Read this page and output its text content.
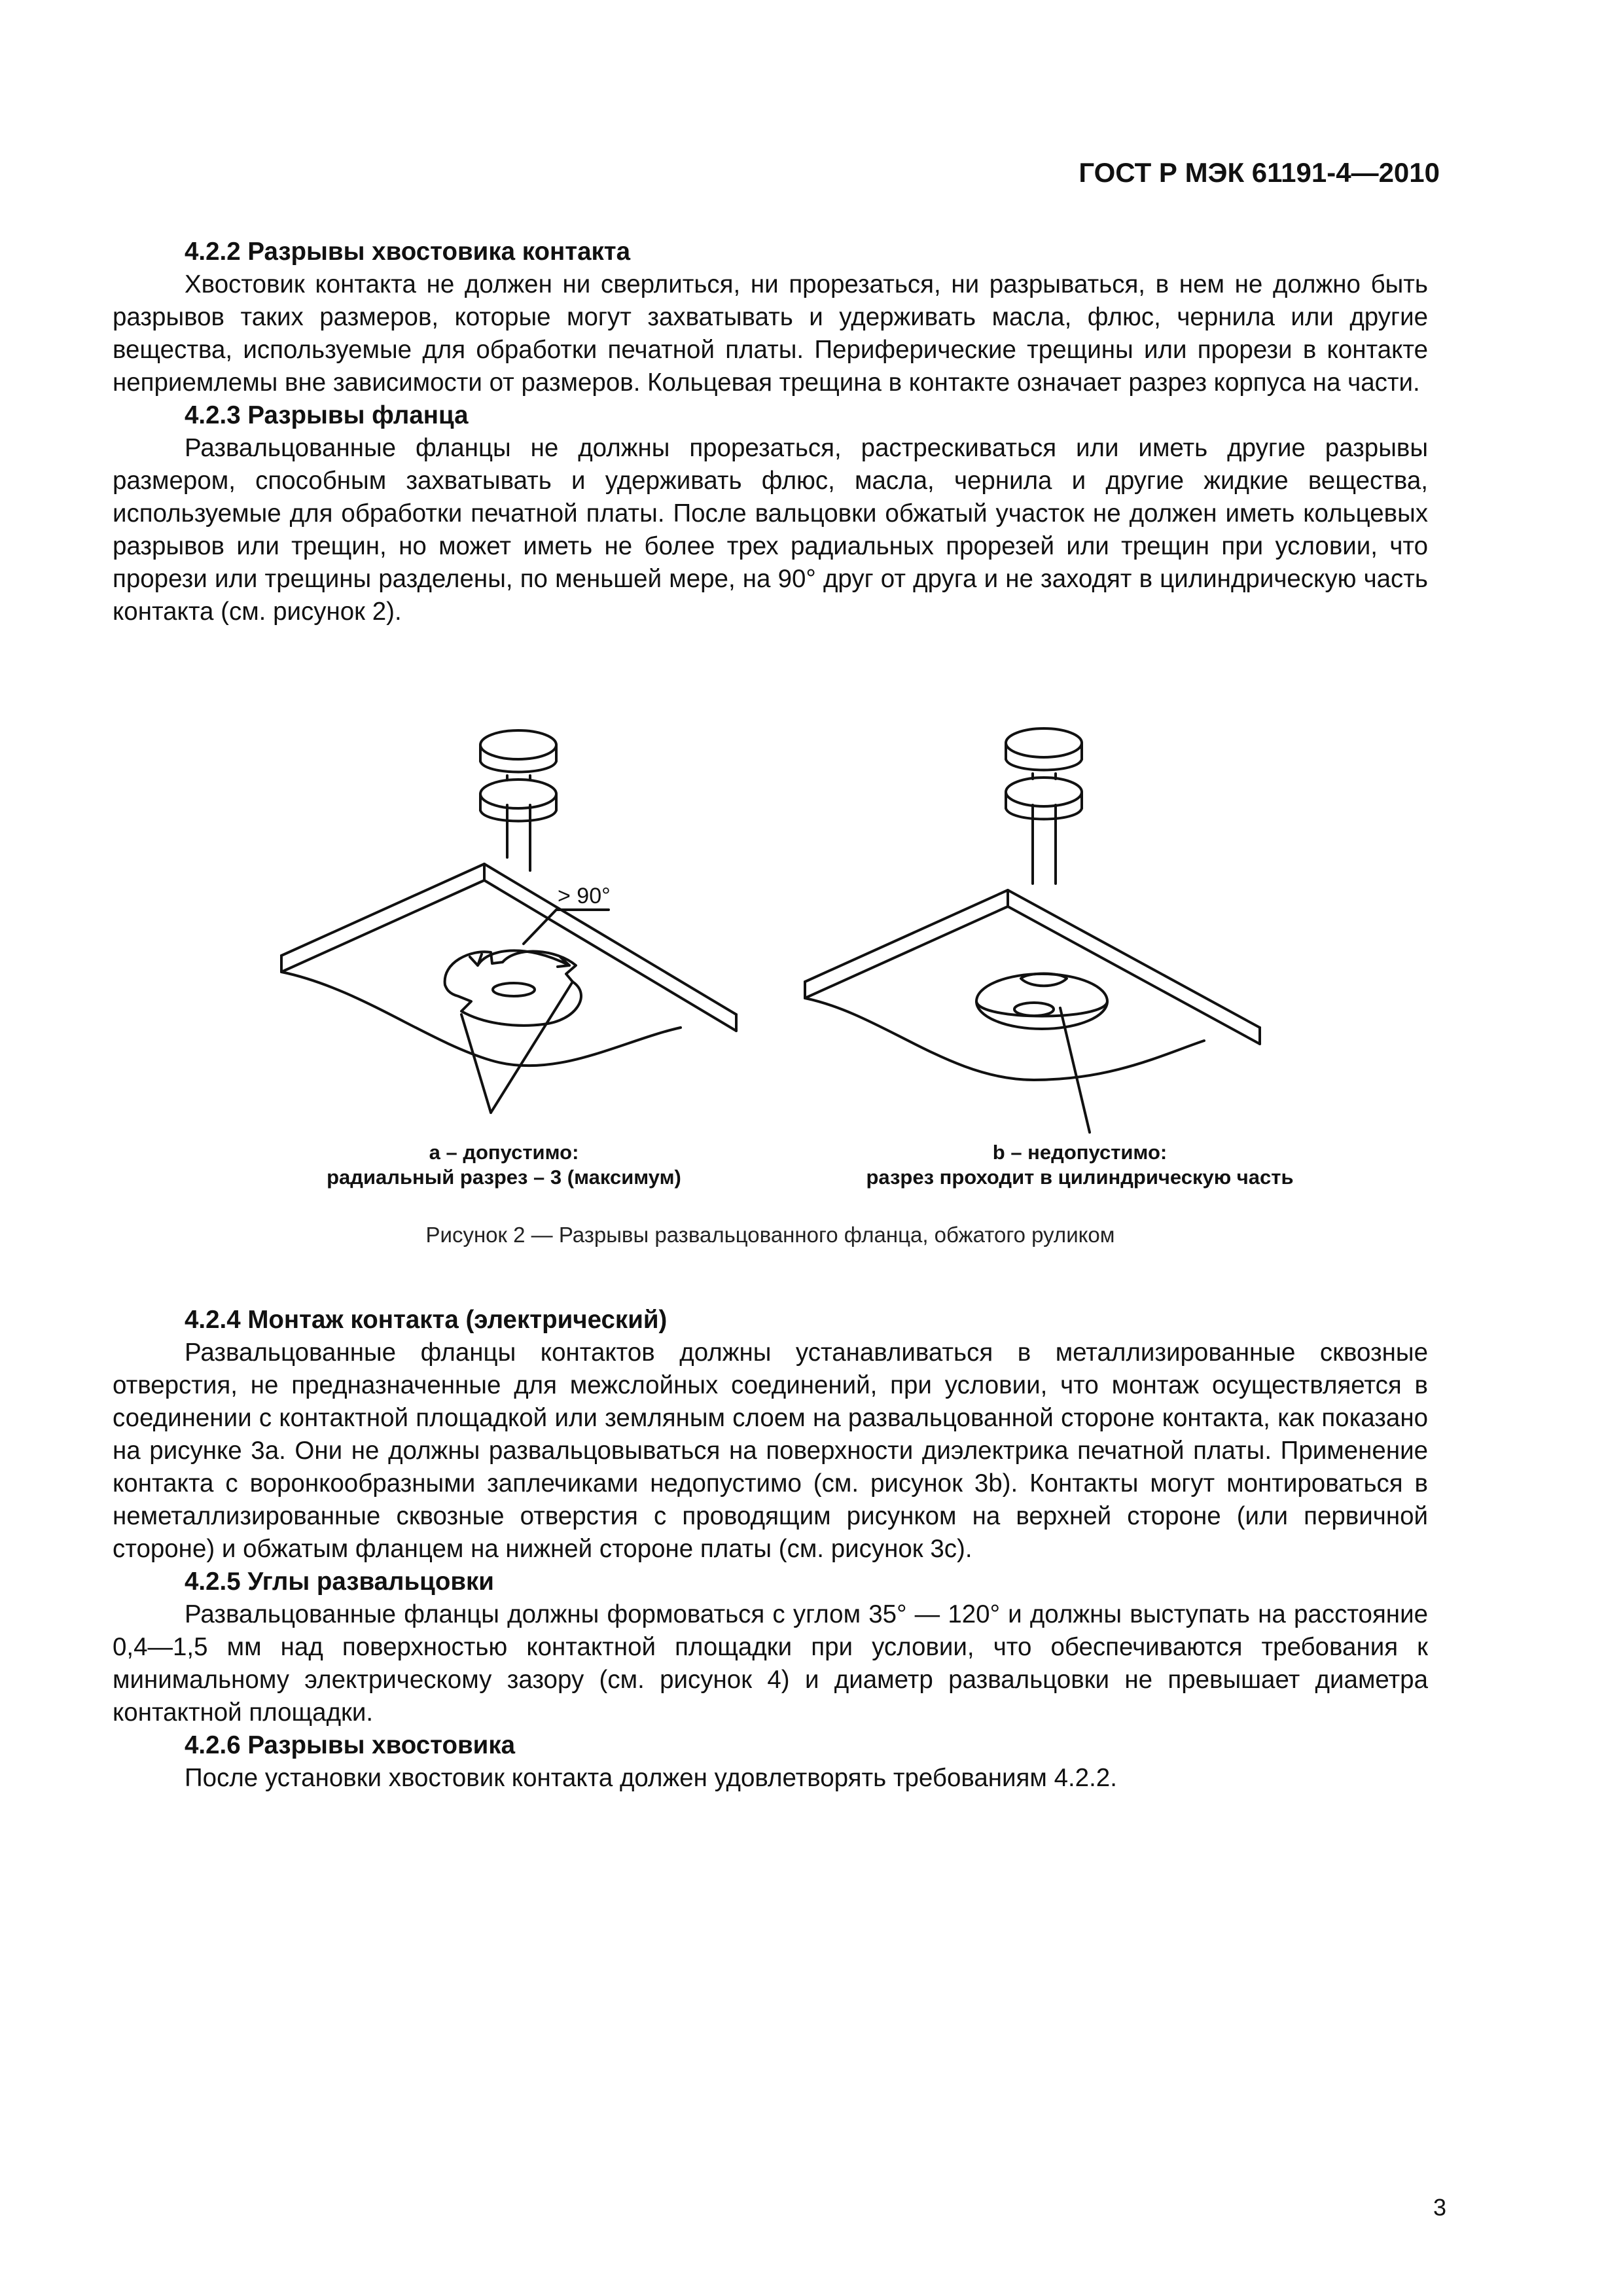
ГОСТ Р МЭК 61191-4—2010
4.2.2 Разрывы хвостовика контакта

Хвостовик контакта не должен ни сверлиться, ни прорезаться, ни разрываться, в нем не должно быть разрывов таких размеров, которые могут захватывать и удерживать масла, флюс, чернила или другие вещества, используемые для обработки печатной платы. Периферические трещины или прорези в контакте неприемлемы вне зависимости от размеров. Кольцевая трещина в контакте означает разрез корпуса на части.

4.2.3 Разрывы фланца

Развальцованные фланцы не должны прорезаться, растрескиваться или иметь другие разрывы размером, способным захватывать и удерживать флюс, масла, чернила и другие жидкие вещества, используемые для обработки печатной платы. После вальцовки обжатый участок не должен иметь кольцевых разрывов или трещин, но может иметь не более трех радиальных прорезей или трещин при условии, что прорези или трещины разделены, по меньшей мере, на 90° друг от друга и не заходят в цилиндрическую часть контакта (см. рисунок 2).

> 90°
a – допустимо:
радиальный разрез – 3 (максимум)
b – недопустимо:
разрез проходит в цилиндрическую часть
Рисунок 2 — Разрывы развальцованного фланца, обжатого руликом
4.2.4 Монтаж контакта (электрический)

Развальцованные фланцы контактов должны устанавливаться в металлизированные сквозные отверстия, не предназначенные для межслойных соединений, при условии, что монтаж осуществляется в соединении с контактной площадкой или земляным слоем на развальцованной стороне контакта, как показано на рисунке 3a. Они не должны развальцовываться на поверхности диэлектрика печатной платы. Применение контакта с воронкообразными заплечиками недопустимо (см. рисунок 3b). Контакты могут монтироваться в неметаллизированные сквозные отверстия с проводящим рисунком на верхней стороне (или первичной стороне) и обжатым фланцем на нижней стороне платы (см. рисунок 3c).

4.2.5 Углы развальцовки

Развальцованные фланцы должны формоваться с углом 35° — 120° и должны выступать на расстояние 0,4—1,5 мм над поверхностью контактной площадки при условии, что обеспечиваются требования к минимальному электрическому зазору (см. рисунок 4) и диаметр развальцовки не превышает диаметра контактной площадки.

4.2.6 Разрывы хвостовика

После установки хвостовик контакта должен удовлетворять требованиям 4.2.2.

3
